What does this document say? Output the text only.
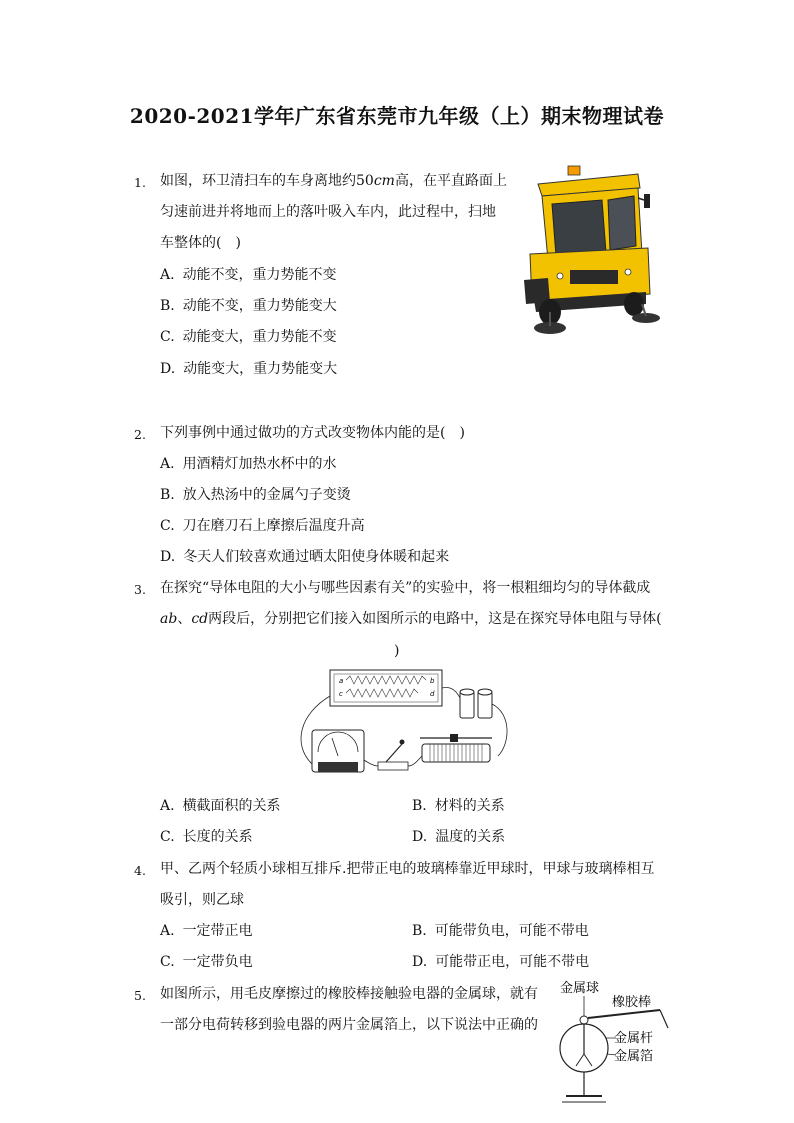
2020-2021学年广东省东莞市九年级（上）期末物理试卷
1.	如图，环卫清扫车的车身离地约50cm高，在平直路面上
匀速前进并将地而上的落叶吸入车内，此过程中，扫地
车整体的(　)
A. 动能不变，重力势能不变
B. 动能不变，重力势能变大
C. 动能变大，重力势能不变
D. 动能变大，重力势能变大
2.	下列事例中通过做功的方式改变物体内能的是(　)
A. 用酒精灯加热水杯中的水
B. 放入热汤中的金属勺子变烫
C. 刀在磨刀石上摩擦后温度升高
D. 冬天人们较喜欢通过晒太阳使身体暖和起来
3.	在探究“导体电阻的大小与哪些因素有关”的实验中，将一根粗细均匀的导体截成
ab、cd两段后，分别把它们接入如图所示的电路中，这是在探究导体电阻与导体(
)
a	b
c	d
A. 横截面积的关系	B. 材料的关系
C. 长度的关系	D. 温度的关系
4.	甲、乙两个轻质小球相互排斥.把带正电的玻璃棒靠近甲球时，甲球与玻璃棒相互
吸引，则乙球
A. 一定带正电	B. 可能带负电，可能不带电
C. 一定带负电	D. 可能带正电，可能不带电
5.	如图所示，用毛皮摩擦过的橡胶棒接触验电器的金属球，就有
一部分电荷转移到验电器的两片金属箔上，以下说法中正确的
金属球
橡胶棒
金属杆
金属箔
